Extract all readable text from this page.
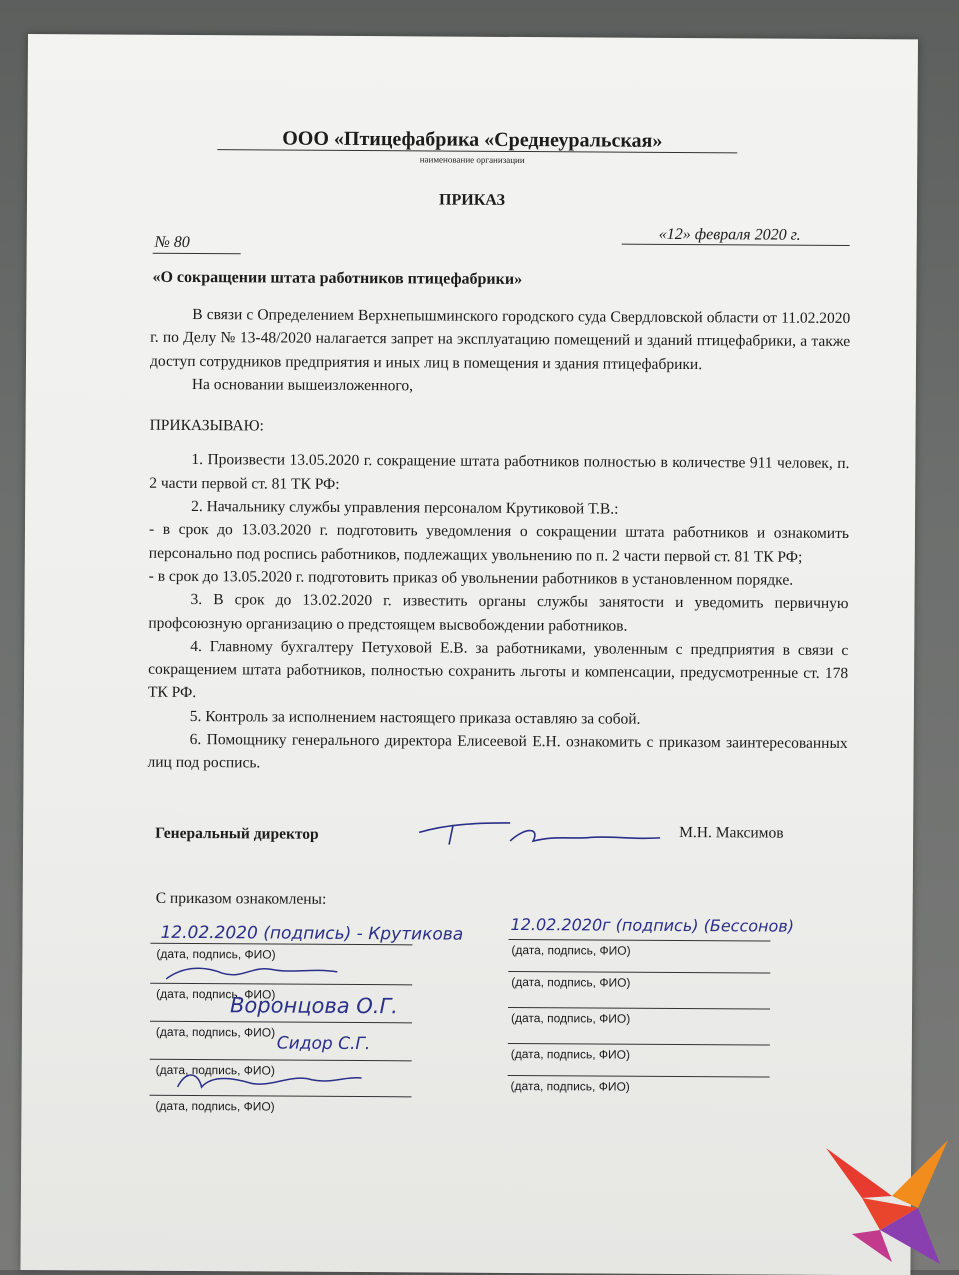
ООО «Птицефабрика «Среднеуральская»
наименование организации
ПРИКАЗ
№ 80	«12» февраля 2020 г.
«О сокращении штата работников птицефабрики»

В связи с Определением Верхнепышминского городского суда Свердловской области от 11.02.2020 г. по Делу № 13-48/2020 налагается запрет на эксплуатацию помещений и зданий птицефабрики, а также доступ сотрудников предприятия и иных лиц в помещения и здания птицефабрики.

На основании вышеизложенного,

ПРИКАЗЫВАЮ:

1. Произвести 13.05.2020 г. сокращение штата работников полностью в количестве 911 человек, п. 2 части первой ст. 81 ТК РФ:

2. Начальнику службы управления персоналом Крутиковой Т.В.:

- в срок до 13.03.2020 г. подготовить уведомления о сокращении штата работников и ознакомить персонально под роспись работников, подлежащих увольнению по п. 2 части первой ст. 81 ТК РФ;

- в срок до 13.05.2020 г. подготовить приказ об увольнении работников в установленном порядке.

3. В срок до 13.02.2020 г. известить органы службы занятости и уведомить первичную профсоюзную организацию о предстоящем высвобождении работников.

4. Главному бухгалтеру Петуховой Е.В. за работниками, уволенным с предприятия в связи с сокращением штата работников, полностью сохранить льготы и компенсации, предусмотренные ст. 178 ТК РФ.

5. Контроль за исполнением настоящего приказа оставляю за собой.

6. Помощнику генерального директора Елисеевой Е.Н. ознакомить с приказом заинтересованных лиц под роспись.

Генеральный директор	М.Н. Максимов
С приказом ознакомлены:
(дата, подпись, ФИО)
12.02.2020 (подпись) - Крутикова
(дата, подпись, ФИО)
(дата, подпись, ФИО)
Воронцова О.Г.
(дата, подпись, ФИО)
Сидор С.Г.
(дата, подпись, ФИО)
(дата, подпись, ФИО)
12.02.2020г (подпись) (Бессонов)
(дата, подпись, ФИО)
(дата, подпись, ФИО)
(дата, подпись, ФИО)
(дата, подпись, ФИО)
